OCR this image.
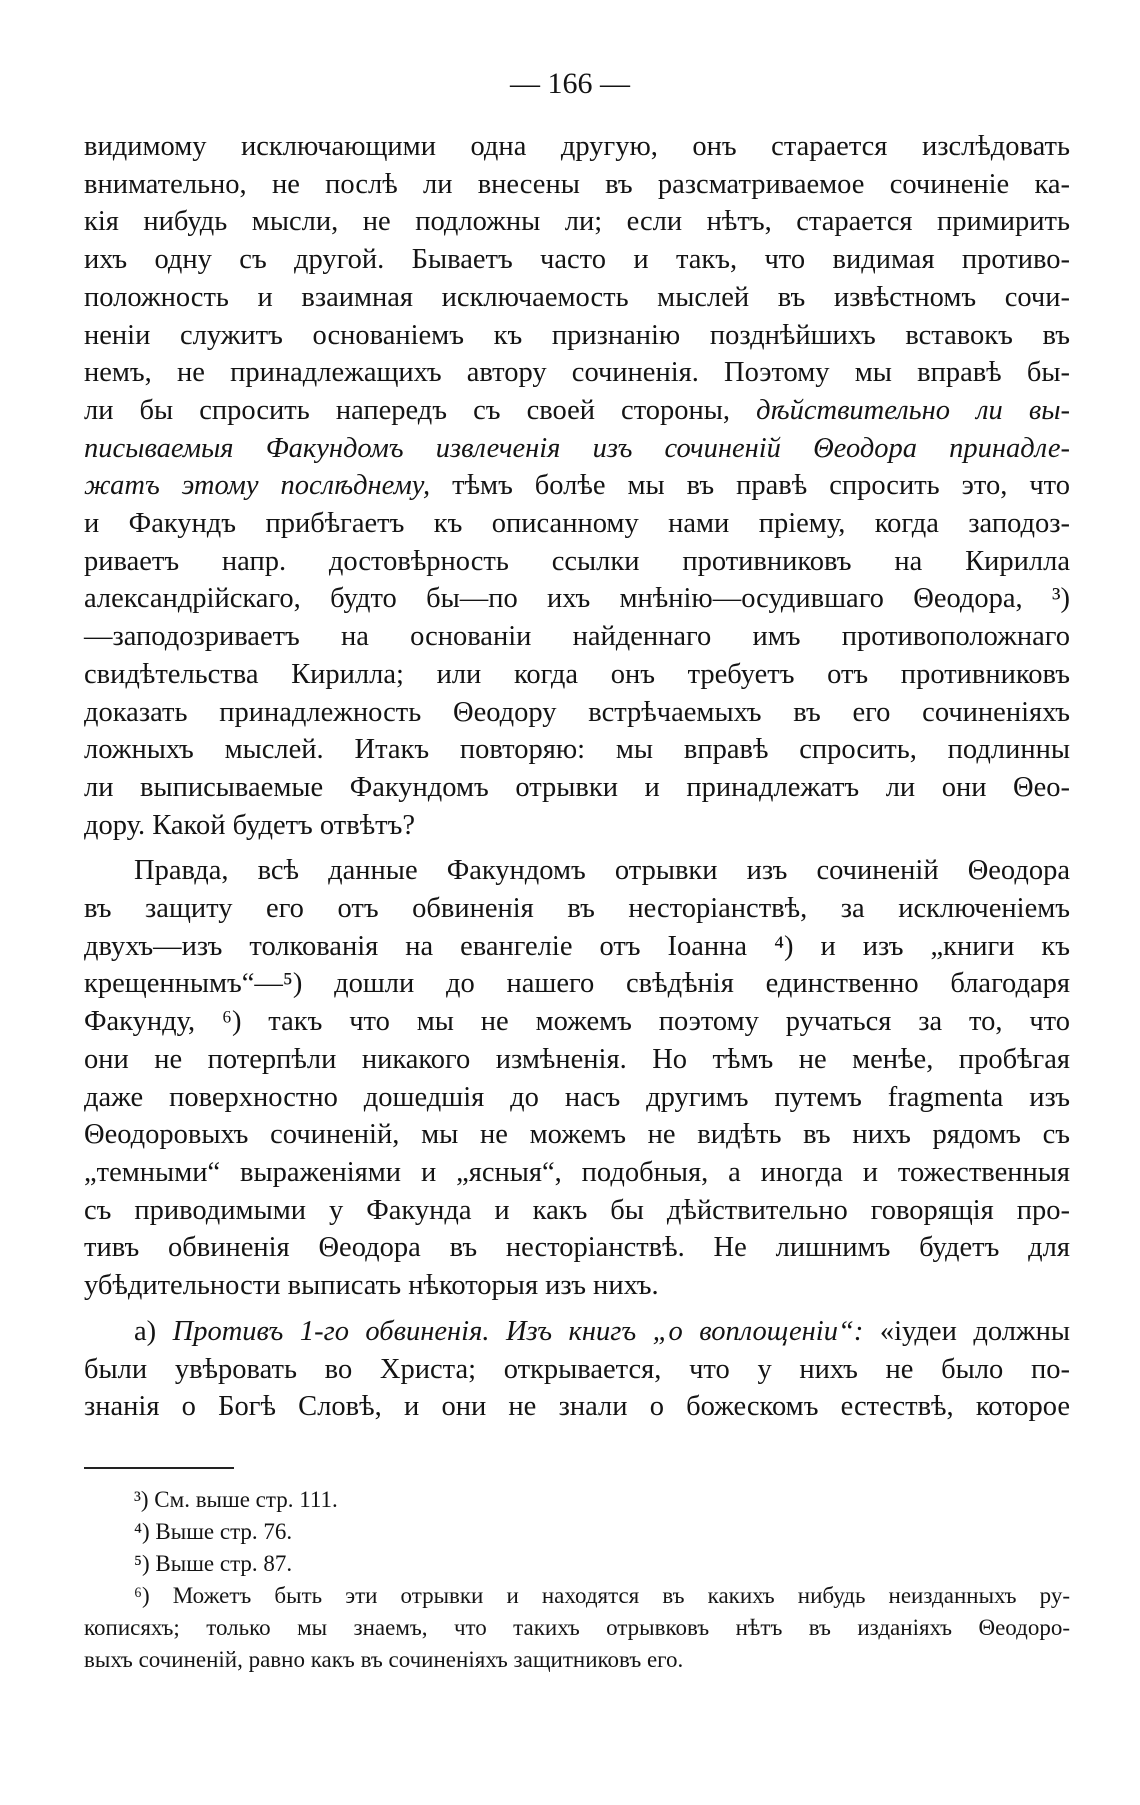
— 166 —
видимому исключающими одна другую, онъ старается изслѣдовать
внимательно, не послѣ ли внесены въ разсматриваемое сочиненіе ка-
кія нибудь мысли, не подложны ли; если нѣтъ, старается примирить
ихъ одну съ другой. Бываетъ часто и такъ, что видимая противо-
положность и взаимная исключаемость мыслей въ извѣстномъ сочи-
неніи служитъ основаніемъ къ признанію позднѣйшихъ вставокъ въ
немъ, не принадлежащихъ автору сочиненія. Поэтому мы вправѣ бы-
ли бы спросить напередъ съ своей стороны, дѣйствительно ли вы-
писываемыя Факундомъ извлеченія изъ сочиненій Θеодора принадле-
жатъ этому послѣднему, тѣмъ болѣе мы въ правѣ спросить это, что
и Факундъ прибѣгаетъ къ описанному нами пріему, когда заподоз-
риваетъ напр. достовѣрность ссылки противниковъ на Кирилла
александрійскаго, будто бы—по ихъ мнѣнію—осудившаго Θеодора, ³)
—заподозриваетъ на основаніи найденнаго имъ противоположнаго
свидѣтельства Кирилла; или когда онъ требуетъ отъ противниковъ
доказать принадлежность Θеодору встрѣчаемыхъ въ его сочиненіяхъ
ложныхъ мыслей. Итакъ повторяю: мы вправѣ спросить, подлинны
ли выписываемые Факундомъ отрывки и принадлежатъ ли они Θео-
дору. Какой будетъ отвѣтъ?
Правда, всѣ данные Факундомъ отрывки изъ сочиненій Θеодора
въ защиту его отъ обвиненія въ несторіанствѣ, за исключеніемъ
двухъ—изъ толкованія на евангеліе отъ Іоанна ⁴) и изъ „книги къ
крещеннымъ“—⁵) дошли до нашего свѣдѣнія единственно благодаря
Факунду, ⁶) такъ что мы не можемъ поэтому ручаться за то, что
они не потерпѣли никакого измѣненія. Но тѣмъ не менѣе, пробѣгая
даже поверхностно дошедшія до насъ другимъ путемъ fragmenta изъ
Θеодоровыхъ сочиненій, мы не можемъ не видѣть въ нихъ рядомъ съ
„темными“ выраженіями и „ясныя“, подобныя, а иногда и тожественныя
съ приводимыми у Факунда и какъ бы дѣйствительно говорящія про-
тивъ обвиненія Θеодора въ несторіанствѣ. Не лишнимъ будетъ для
убѣдительности выписать нѣкоторыя изъ нихъ.
а) Противъ 1-го обвиненія. Изъ книгъ „о воплощеніи“: «іудеи должны
были увѣровать во Христа; открывается, что у нихъ не было по-
знанія о Богѣ Словѣ, и они не знали о божескомъ естествѣ, которое
³) См. выше стр. 111.
⁴) Выше стр. 76.
⁵) Выше стр. 87.
⁶) Можетъ быть эти отрывки и находятся въ какихъ нибудь неизданныхъ ру-
кописяхъ; только мы знаемъ, что такихъ отрывковъ нѣтъ въ изданіяхъ Θеодоро-
выхъ сочиненій, равно какъ въ сочиненіяхъ защитниковъ его.
